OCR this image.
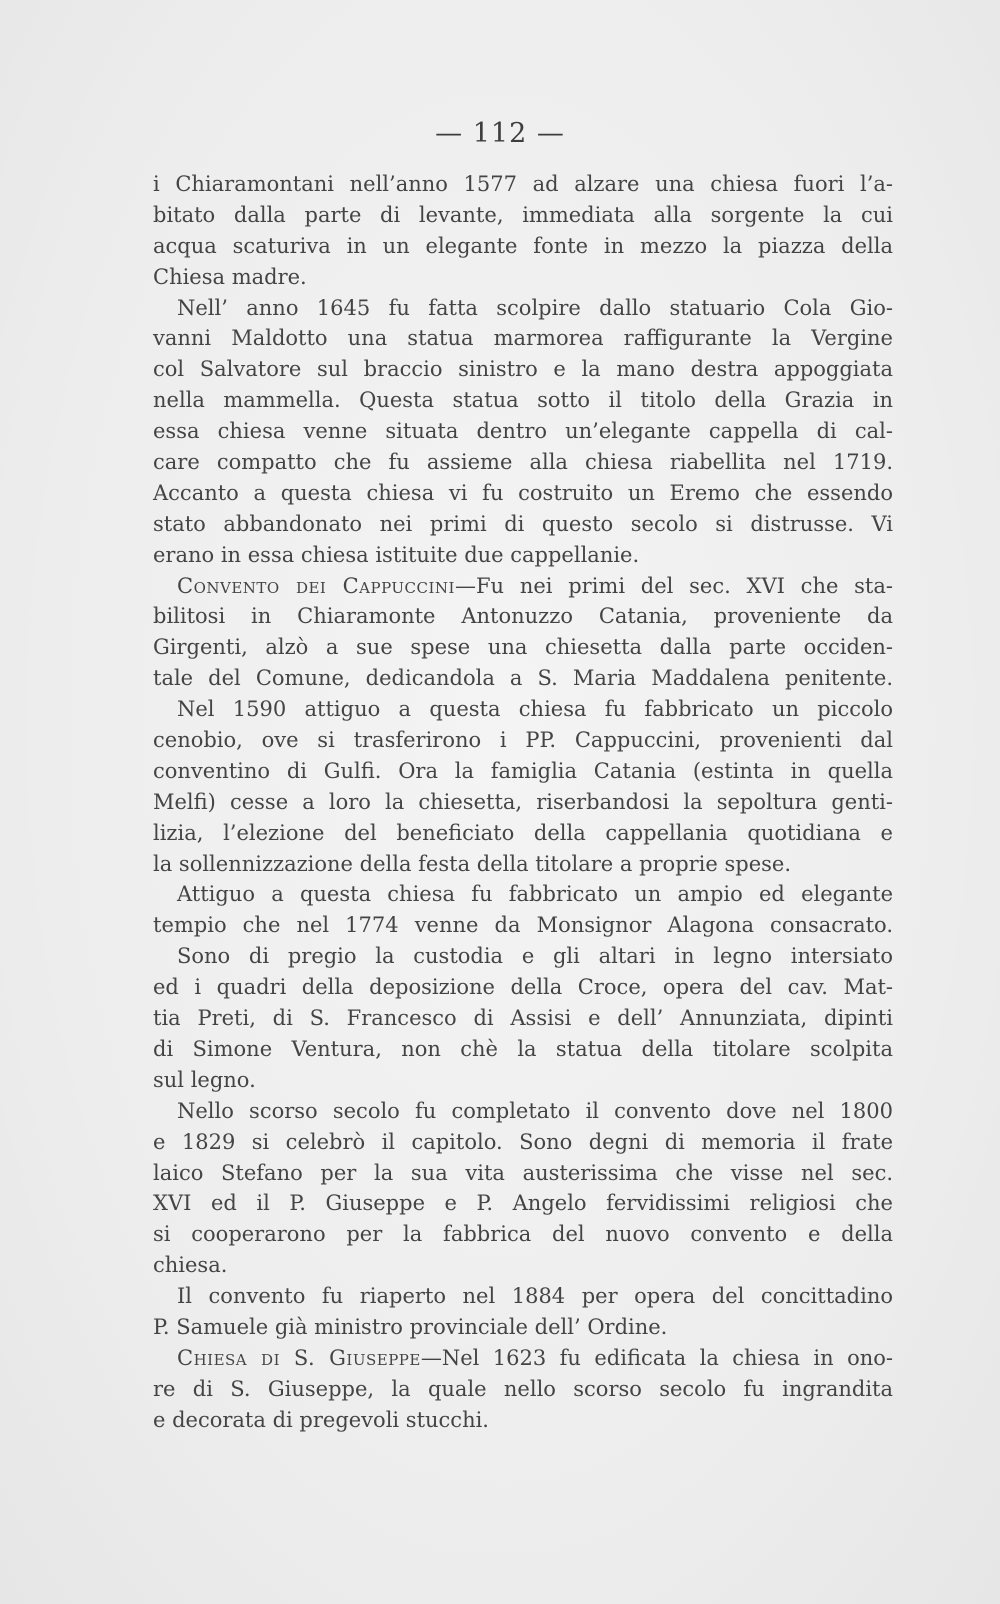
— 112 —
i Chiaramontani nell’anno 1577 ad alzare una chiesa fuori l’a-
bitato dalla parte di levante, immediata alla sorgente la cui
acqua scaturiva in un elegante fonte in mezzo la piazza della
Chiesa madre.
Nell’ anno 1645 fu fatta scolpire dallo statuario Cola Gio-
vanni Maldotto una statua marmorea raffigurante la Vergine
col Salvatore sul braccio sinistro e la mano destra appoggiata
nella mammella. Questa statua sotto il titolo della Grazia in
essa chiesa venne situata dentro un’elegante cappella di cal-
care compatto che fu assieme alla chiesa riabellita nel 1719.
Accanto a questa chiesa vi fu costruito un Eremo che essendo
stato abbandonato nei primi di questo secolo si distrusse. Vi
erano in essa chiesa istituite due cappellanie.
Convento dei Cappuccini—Fu nei primi del sec. XVI che sta-
bilitosi in Chiaramonte Antonuzzo Catania, proveniente da
Girgenti, alzò a sue spese una chiesetta dalla parte occiden-
tale del Comune, dedicandola a S. Maria Maddalena penitente.
Nel 1590 attiguo a questa chiesa fu fabbricato un piccolo
cenobio, ove si trasferirono i PP. Cappuccini, provenienti dal
conventino di Gulfi. Ora la famiglia Catania (estinta in quella
Melfi) cesse a loro la chiesetta, riserbandosi la sepoltura genti-
lizia, l’elezione del beneficiato della cappellania quotidiana e
la sollennizzazione della festa della titolare a proprie spese.
Attiguo a questa chiesa fu fabbricato un ampio ed elegante
tempio che nel 1774 venne da Monsignor Alagona consacrato.
Sono di pregio la custodia e gli altari in legno intersiato
ed i quadri della deposizione della Croce, opera del cav. Mat-
tia Preti, di S. Francesco di Assisi e dell’ Annunziata, dipinti
di Simone Ventura, non chè la statua della titolare scolpita
sul legno.
Nello scorso secolo fu completato il convento dove nel 1800
e 1829 si celebrò il capitolo. Sono degni di memoria il frate
laico Stefano per la sua vita austerissima che visse nel sec.
XVI ed il P. Giuseppe e P. Angelo fervidissimi religiosi che
si cooperarono per la fabbrica del nuovo convento e della
chiesa.
Il convento fu riaperto nel 1884 per opera del concittadino
P. Samuele già ministro provinciale dell’ Ordine.
Chiesa di S. Giuseppe—Nel 1623 fu edificata la chiesa in ono-
re di S. Giuseppe, la quale nello scorso secolo fu ingrandita
e decorata di pregevoli stucchi.
